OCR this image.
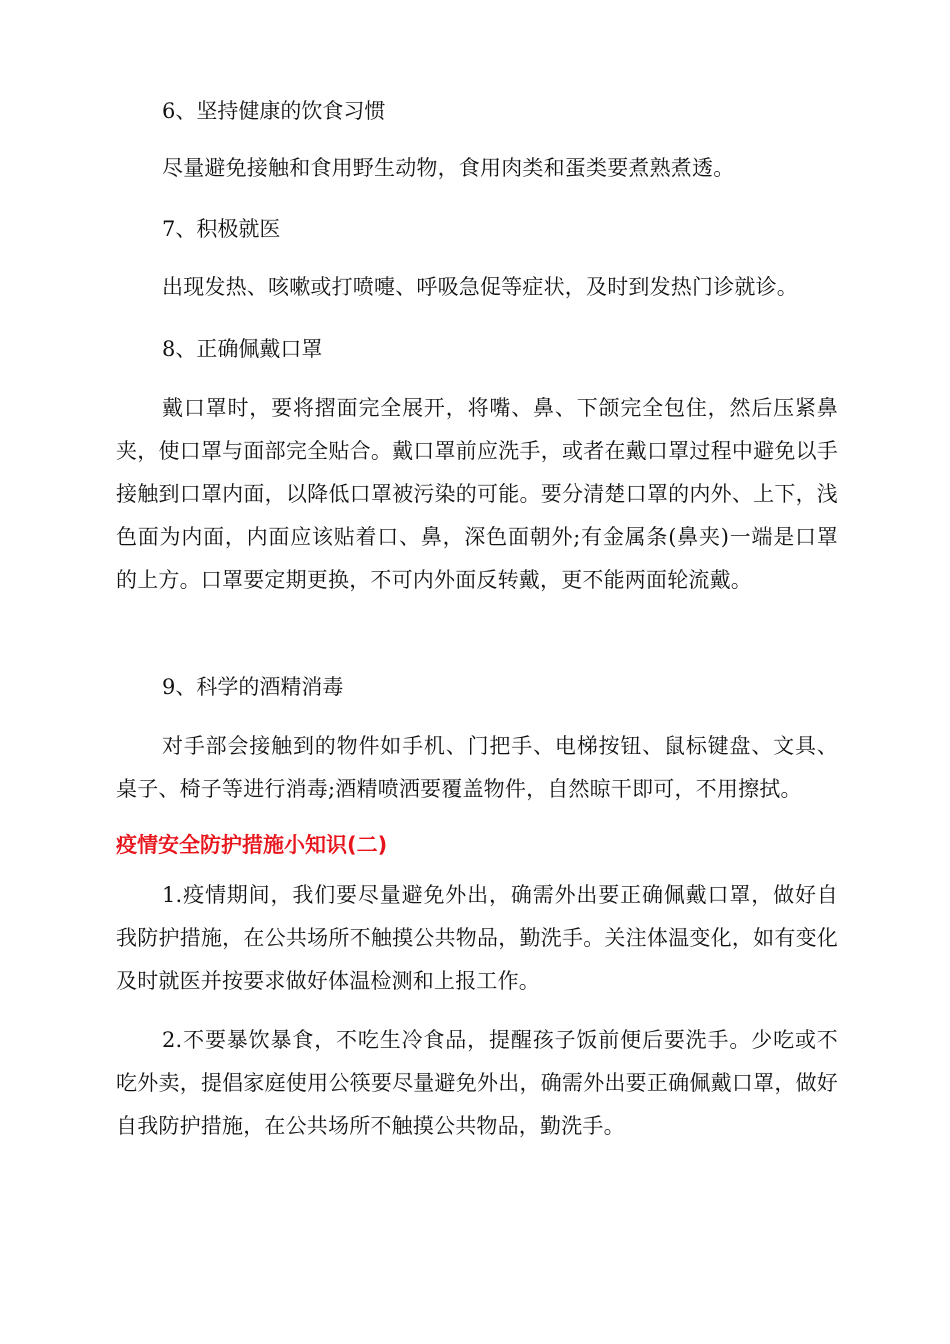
6、坚持健康的饮食习惯
尽量避免接触和食用野生动物，食用肉类和蛋类要煮熟煮透。
7、积极就医
出现发热、咳嗽或打喷嚏、呼吸急促等症状，及时到发热门诊就诊。
8、正确佩戴口罩
戴口罩时，要将摺面完全展开，将嘴、鼻、下颌完全包住，然后压紧鼻夹，使口罩与面部完全贴合。戴口罩前应洗手，或者在戴口罩过程中避免以手接触到口罩内面，以降低口罩被污染的可能。要分清楚口罩的内外、上下，浅色面为内面，内面应该贴着口、鼻，深色面朝外;有金属条(鼻夹)一端是口罩的上方。口罩要定期更换，不可内外面反转戴，更不能两面轮流戴。
9、科学的酒精消毒
对手部会接触到的物件如手机、门把手、电梯按钮、鼠标键盘、文具、桌子、椅子等进行消毒;酒精喷洒要覆盖物件，自然晾干即可，不用擦拭。
疫情安全防护措施小知识(二)
1.疫情期间，我们要尽量避免外出，确需外出要正确佩戴口罩，做好自我防护措施，在公共场所不触摸公共物品，勤洗手。关注体温变化，如有变化及时就医并按要求做好体温检测和上报工作。
2.不要暴饮暴食，不吃生冷食品，提醒孩子饭前便后要洗手。少吃或不吃外卖，提倡家庭使用公筷要尽量避免外出，确需外出要正确佩戴口罩，做好自我防护措施，在公共场所不触摸公共物品，勤洗手。
